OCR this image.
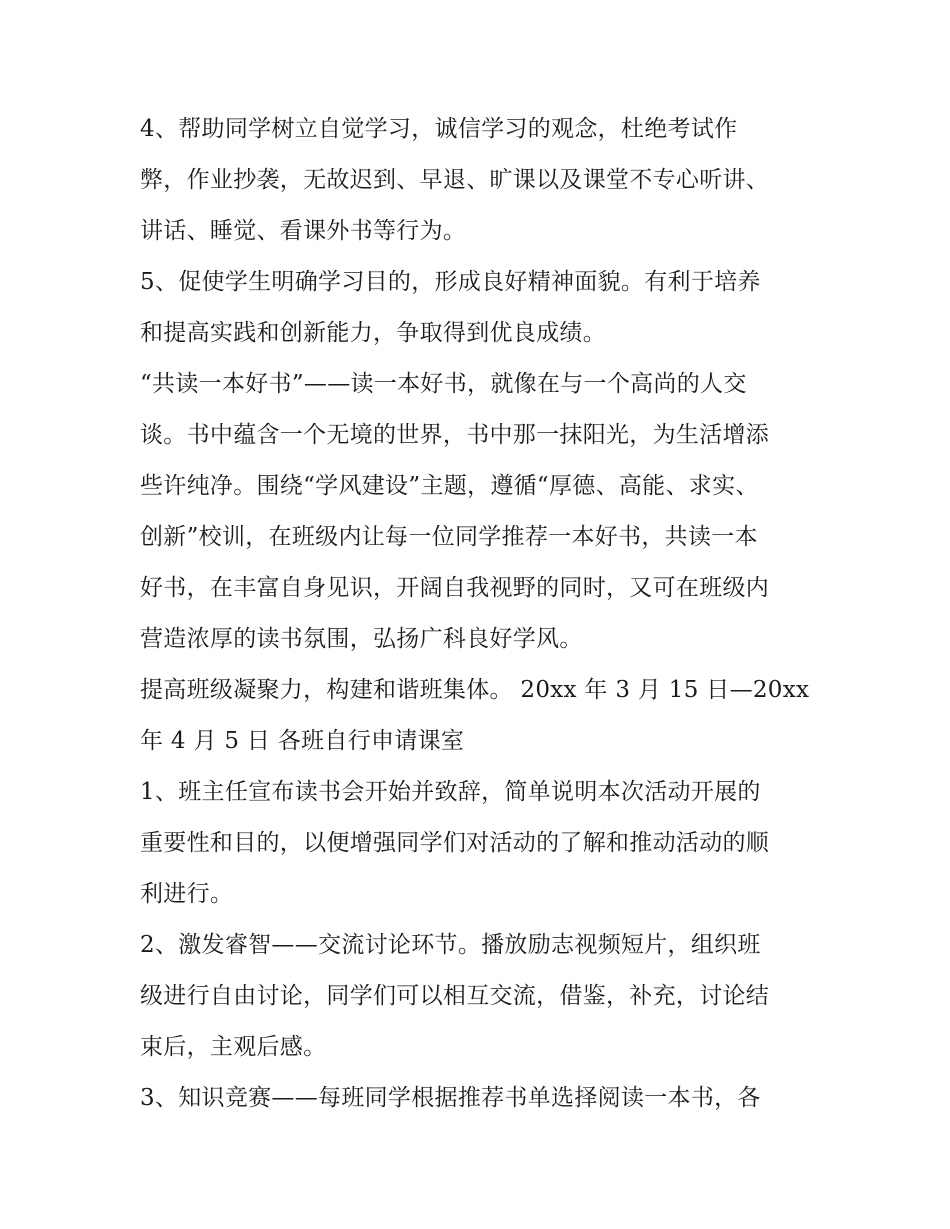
4、帮助同学树立自觉学习，诚信学习的观念，杜绝考试作
弊，作业抄袭，无故迟到、早退、旷课以及课堂不专心听讲、
讲话、睡觉、看课外书等行为。
5、促使学生明确学习目的，形成良好精神面貌。有利于培养
和提高实践和创新能力，争取得到优良成绩。
“共读一本好书”——读一本好书，就像在与一个高尚的人交
谈。书中蕴含一个无境的世界，书中那一抹阳光，为生活增添
些许纯净。围绕“学风建设”主题，遵循“厚德、高能、求实、
创新”校训，在班级内让每一位同学推荐一本好书，共读一本
好书，在丰富自身见识，开阔自我视野的同时，又可在班级内
营造浓厚的读书氛围，弘扬广科良好学风。
提高班级凝聚力，构建和谐班集体。 20xx 年 3 月 15 日—20xx
年 4 月 5 日 各班自行申请课室
1、班主任宣布读书会开始并致辞，简单说明本次活动开展的
重要性和目的，以便增强同学们对活动的了解和推动活动的顺
利进行。
2、激发睿智——交流讨论环节。播放励志视频短片，组织班
级进行自由讨论，同学们可以相互交流，借鉴，补充，讨论结
束后，主观后感。
3、知识竞赛——每班同学根据推荐书单选择阅读一本书，各
